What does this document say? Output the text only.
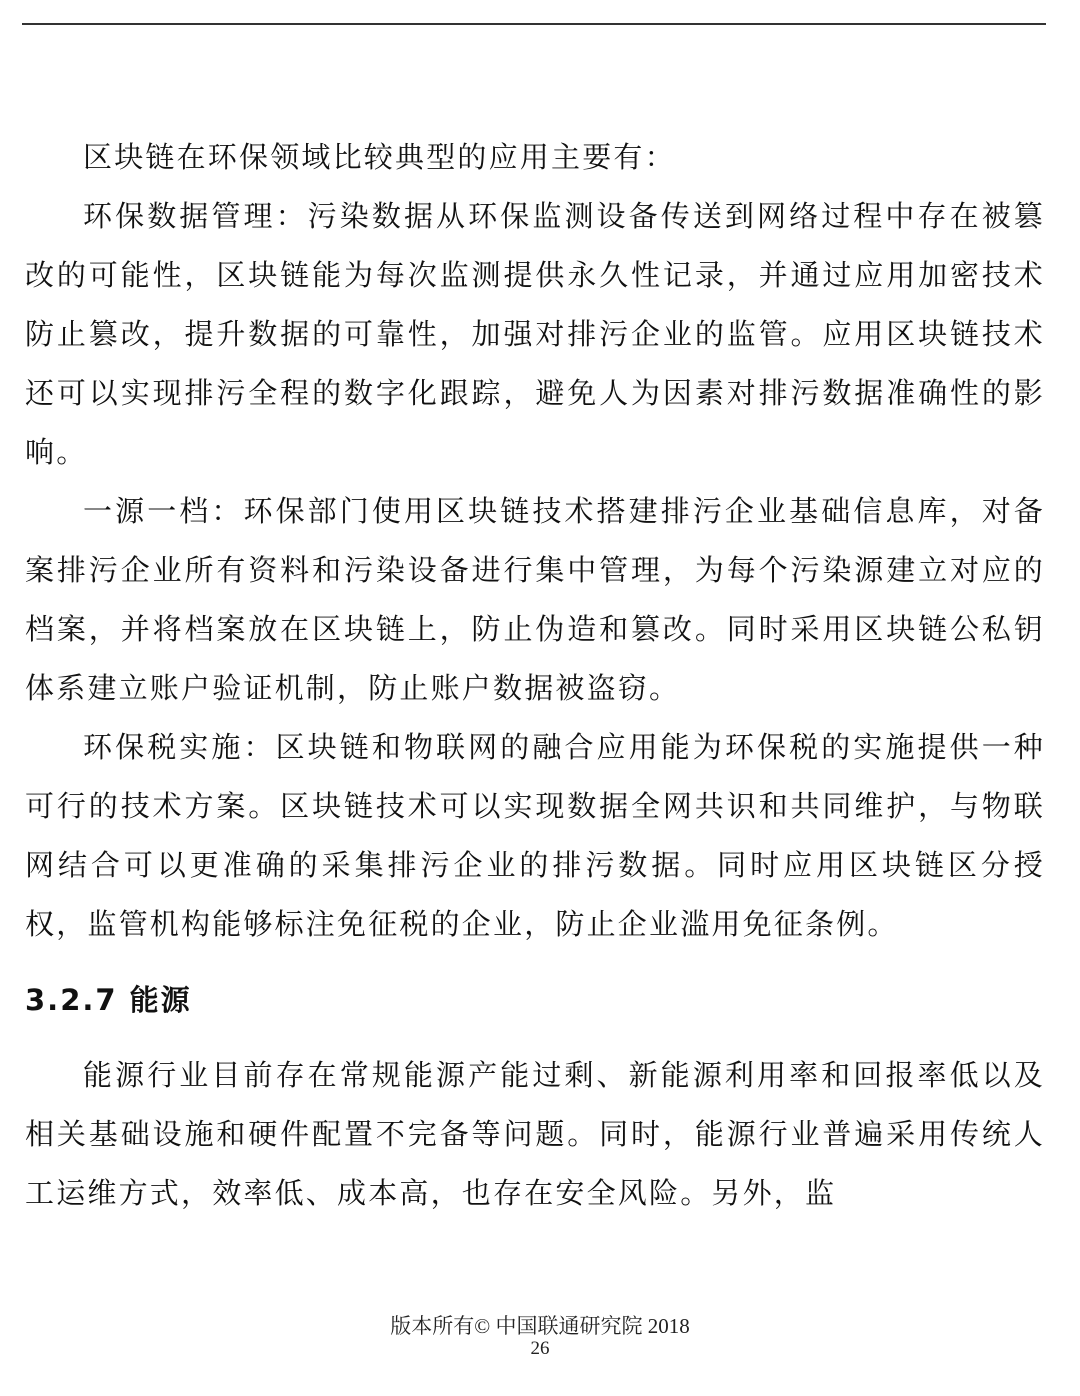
区块链在环保领域比较典型的应用主要有：

环保数据管理：污染数据从环保监测设备传送到网络过程中存在被篡改的可能性，区块链能为每次监测提供永久性记录，并通过应用加密技术防止篡改，提升数据的可靠性，加强对排污企业的监管。应用区块链技术还可以实现排污全程的数字化跟踪，避免人为因素对排污数据准确性的影响。

一源一档：环保部门使用区块链技术搭建排污企业基础信息库，对备案排污企业所有资料和污染设备进行集中管理，为每个污染源建立对应的档案，并将档案放在区块链上，防止伪造和篡改。同时采用区块链公私钥体系建立账户验证机制，防止账户数据被盗窃。

环保税实施：区块链和物联网的融合应用能为环保税的实施提供一种可行的技术方案。区块链技术可以实现数据全网共识和共同维护，与物联网结合可以更准确的采集排污企业的排污数据。同时应用区块链区分授权，监管机构能够标注免征税的企业，防止企业滥用免征条例。

3.2.7 能源

能源行业目前存在常规能源产能过剩、新能源利用率和回报率低以及相关基础设施和硬件配置不完备等问题。同时，能源行业普遍采用传统人工运维方式，效率低、成本高，也存在安全风险。另外，监

版本所有© 中国联通研究院 2018
26
